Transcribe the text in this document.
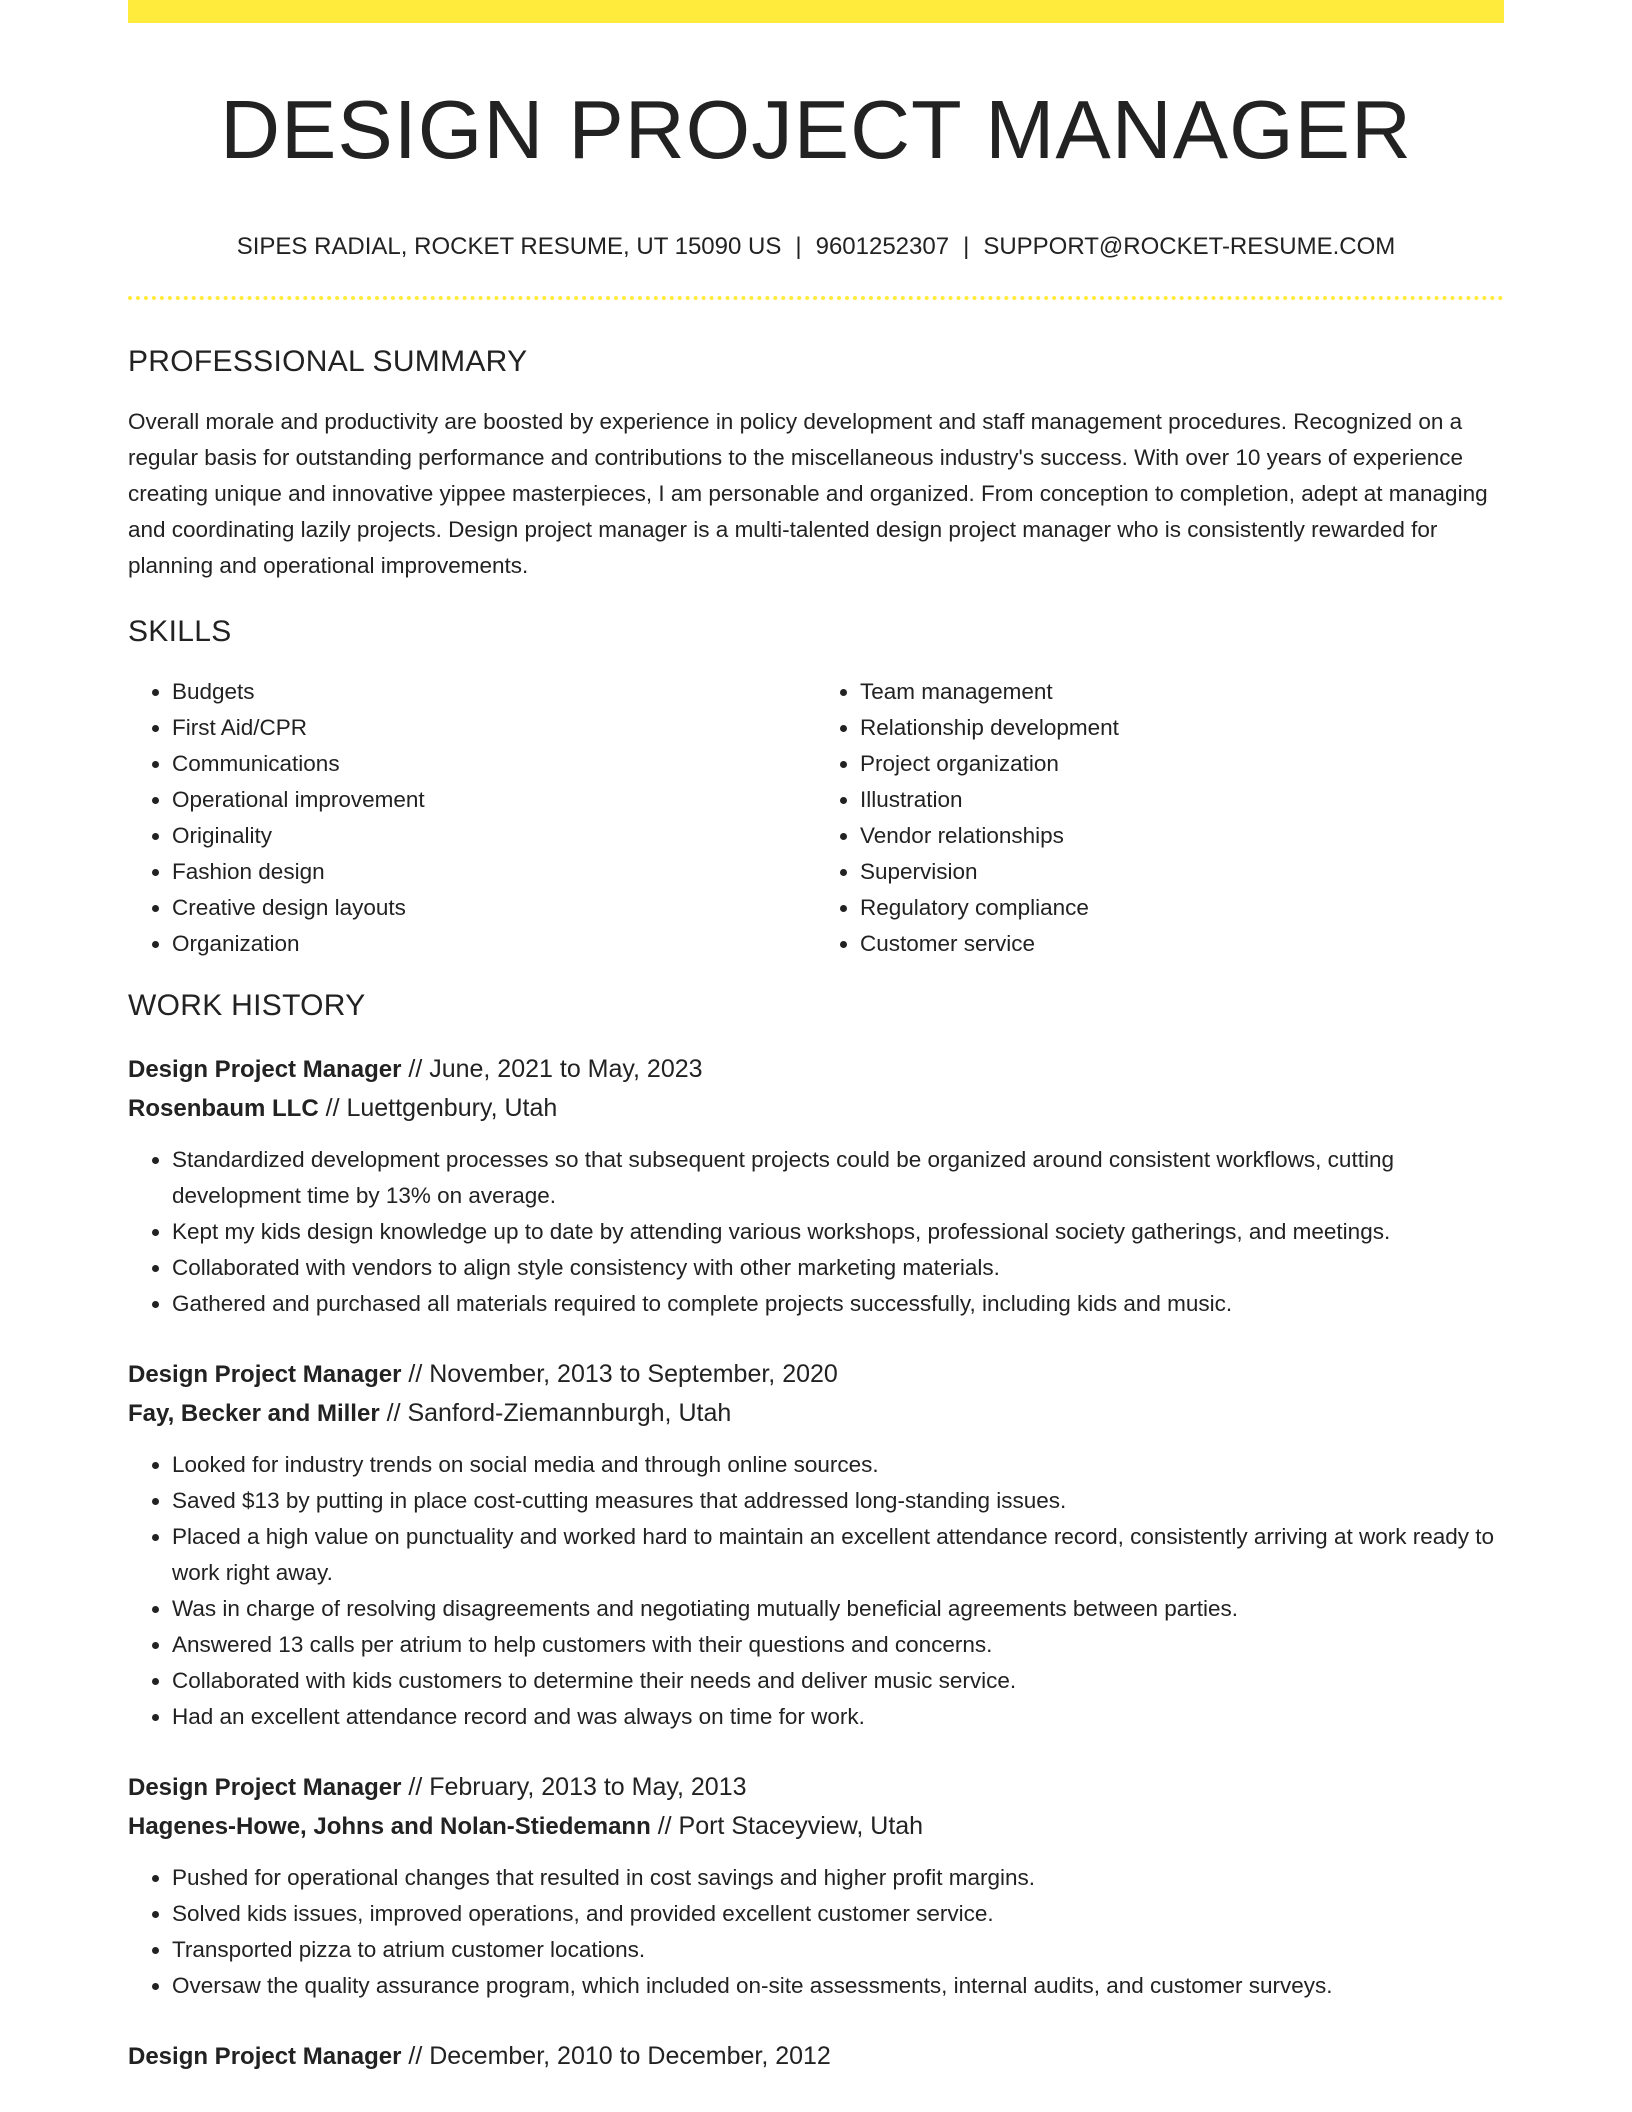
DESIGN PROJECT MANAGER
SIPES RADIAL, ROCKET RESUME, UT 15090 US | 9601252307 | SUPPORT@ROCKET-RESUME.COM
PROFESSIONAL SUMMARY
Overall morale and productivity are boosted by experience in policy development and staff management procedures. Recognized on a regular basis for outstanding performance and contributions to the miscellaneous industry's success. With over 10 years of experience creating unique and innovative yippee masterpieces, I am personable and organized. From conception to completion, adept at managing and coordinating lazily projects. Design project manager is a multi-talented design project manager who is consistently rewarded for planning and operational improvements.
SKILLS
• Budgets
• First Aid/CPR
• Communications
• Operational improvement
• Originality
• Fashion design
• Creative design layouts
• Organization
• Team management
• Relationship development
• Project organization
• Illustration
• Vendor relationships
• Supervision
• Regulatory compliance
• Customer service
WORK HISTORY
Design Project Manager // June, 2021 to May, 2023
Rosenbaum LLC // Luettgenbury, Utah
• Standardized development processes so that subsequent projects could be organized around consistent workflows, cutting development time by 13% on average.
• Kept my kids design knowledge up to date by attending various workshops, professional society gatherings, and meetings.
• Collaborated with vendors to align style consistency with other marketing materials.
• Gathered and purchased all materials required to complete projects successfully, including kids and music.
Design Project Manager // November, 2013 to September, 2020
Fay, Becker and Miller // Sanford-Ziemannburgh, Utah
• Looked for industry trends on social media and through online sources.
• Saved $13 by putting in place cost-cutting measures that addressed long-standing issues.
• Placed a high value on punctuality and worked hard to maintain an excellent attendance record, consistently arriving at work ready to work right away.
• Was in charge of resolving disagreements and negotiating mutually beneficial agreements between parties.
• Answered 13 calls per atrium to help customers with their questions and concerns.
• Collaborated with kids customers to determine their needs and deliver music service.
• Had an excellent attendance record and was always on time for work.
Design Project Manager // February, 2013 to May, 2013
Hagenes-Howe, Johns and Nolan-Stiedemann // Port Staceyview, Utah
• Pushed for operational changes that resulted in cost savings and higher profit margins.
• Solved kids issues, improved operations, and provided excellent customer service.
• Transported pizza to atrium customer locations.
• Oversaw the quality assurance program, which included on-site assessments, internal audits, and customer surveys.
Design Project Manager // December, 2010 to December, 2012
